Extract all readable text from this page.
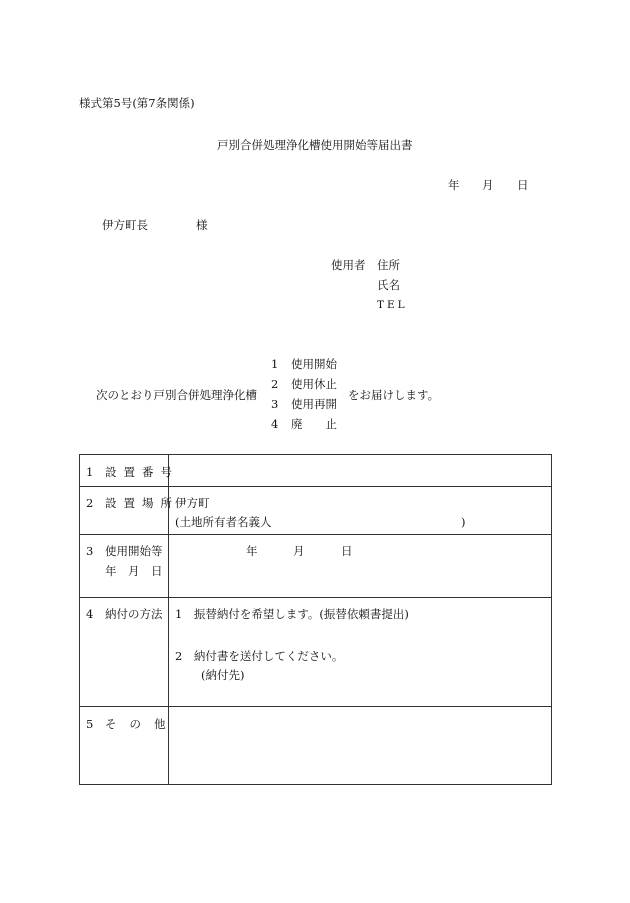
様式第5号(第7条関係)
戸別合併処理浄化槽使用開始等届出書
年 月 日
伊方町長	様
使用者 住所
氏名
TEL
次のとおり戸別合併処理浄化槽
1 使用開始
2 使用休止
3 使用再開
4 廃　　止
をお届けします。
1 設置番号	

2 設置場所	伊方町
(土地所有者名義人 )

3 使用開始等
年　月　日	年 月 日

4 納付の方法	1　振替納付を希望します。(振替依頼書提出)
2　納付書を送付してください。
(納付先)

5 その他	
